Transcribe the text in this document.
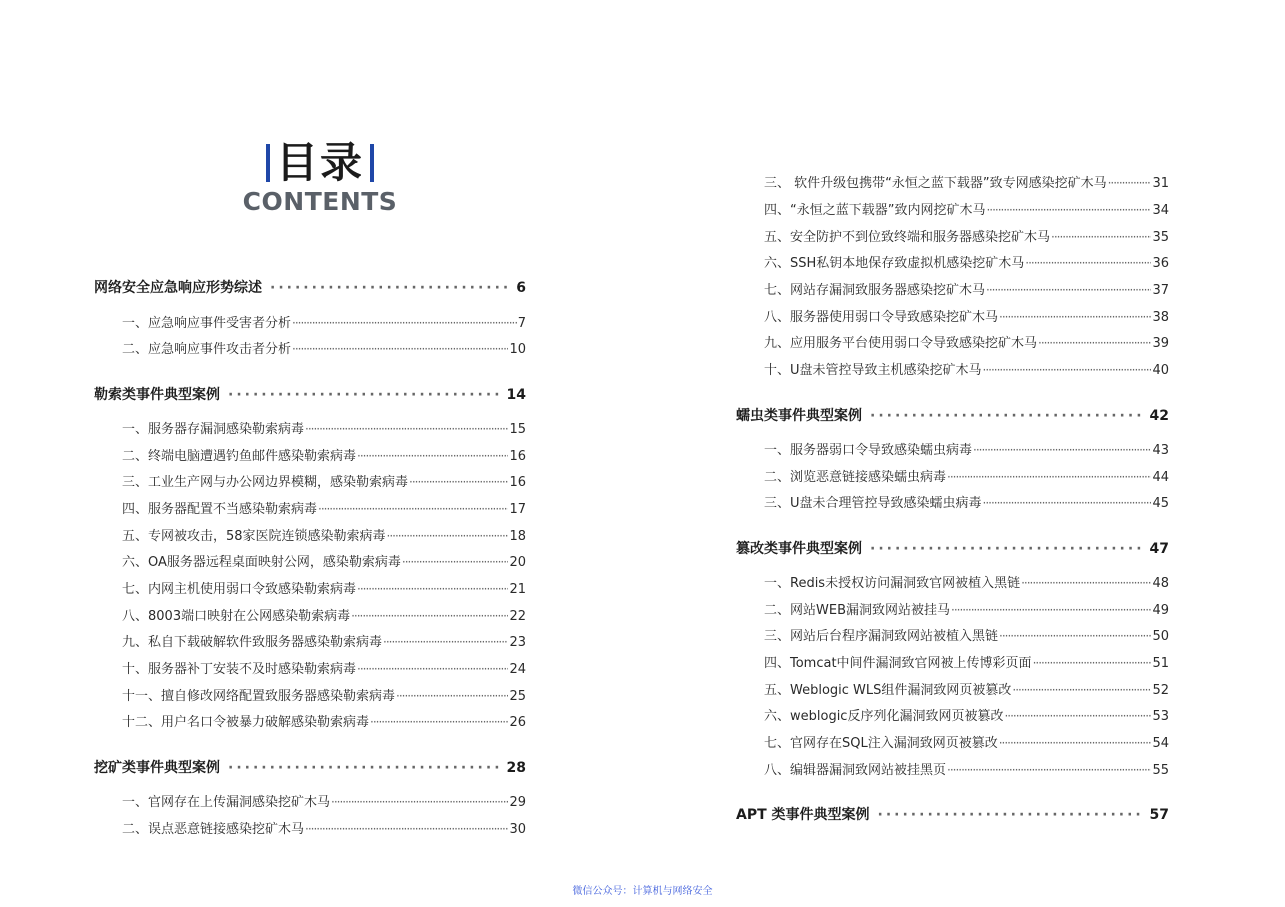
目录
CONTENTS
网络安全应急响应形势综述 ·····	6
一、应急响应事件受害者分析 ·····	7
二、应急响应事件攻击者分析 ·····	10
勒索类事件典型案例 ·····	14
一、服务器存漏洞感染勒索病毒 ·····	15
二、终端电脑遭遇钓鱼邮件感染勒索病毒 ·····	16
三、工业生产网与办公网边界模糊，感染勒索病毒 ·····	16
四、服务器配置不当感染勒索病毒 ·····	17
五、专网被攻击，58家医院连锁感染勒索病毒 ·····	18
六、OA服务器远程桌面映射公网，感染勒索病毒 ·····	20
七、内网主机使用弱口令致感染勒索病毒 ·····	21
八、8003端口映射在公网感染勒索病毒 ·····	22
九、私自下载破解软件致服务器感染勒索病毒 ·····	23
十、服务器补丁安装不及时感染勒索病毒 ·····	24
十一、擅自修改网络配置致服务器感染勒索病毒 ·····	25
十二、用户名口令被暴力破解感染勒索病毒 ·····	26
挖矿类事件典型案例 ·····	28
一、官网存在上传漏洞感染挖矿木马 ·····	29
二、误点恶意链接感染挖矿木马 ·····	30
三、 软件升级包携带“永恒之蓝下载器”致专网感染挖矿木马 ·····	31
四、“永恒之蓝下载器”致内网挖矿木马 ·····	34
五、安全防护不到位致终端和服务器感染挖矿木马 ·····	35
六、SSH私钥本地保存致虚拟机感染挖矿木马 ·····	36
七、网站存漏洞致服务器感染挖矿木马 ·····	37
八、服务器使用弱口令导致感染挖矿木马 ·····	38
九、应用服务平台使用弱口令导致感染挖矿木马 ·····	39
十、U盘未管控导致主机感染挖矿木马 ·····	40
蠕虫类事件典型案例 ·····	42
一、服务器弱口令导致感染蠕虫病毒 ·····	43
二、浏览恶意链接感染蠕虫病毒 ·····	44
三、U盘未合理管控导致感染蠕虫病毒 ·····	45
篡改类事件典型案例 ·····	47
一、Redis未授权访问漏洞致官网被植入黑链 ·····	48
二、网站WEB漏洞致网站被挂马 ·····	49
三、网站后台程序漏洞致网站被植入黑链 ·····	50
四、Tomcat中间件漏洞致官网被上传博彩页面 ·····	51
五、Weblogic WLS组件漏洞致网页被篡改 ·····	52
六、weblogic反序列化漏洞致网页被篡改 ·····	53
七、官网存在SQL注入漏洞致网页被篡改 ·····	54
八、编辑器漏洞致网站被挂黑页 ·····	55
APT 类事件典型案例 ·····	57
微信公众号：计算机与网络安全
